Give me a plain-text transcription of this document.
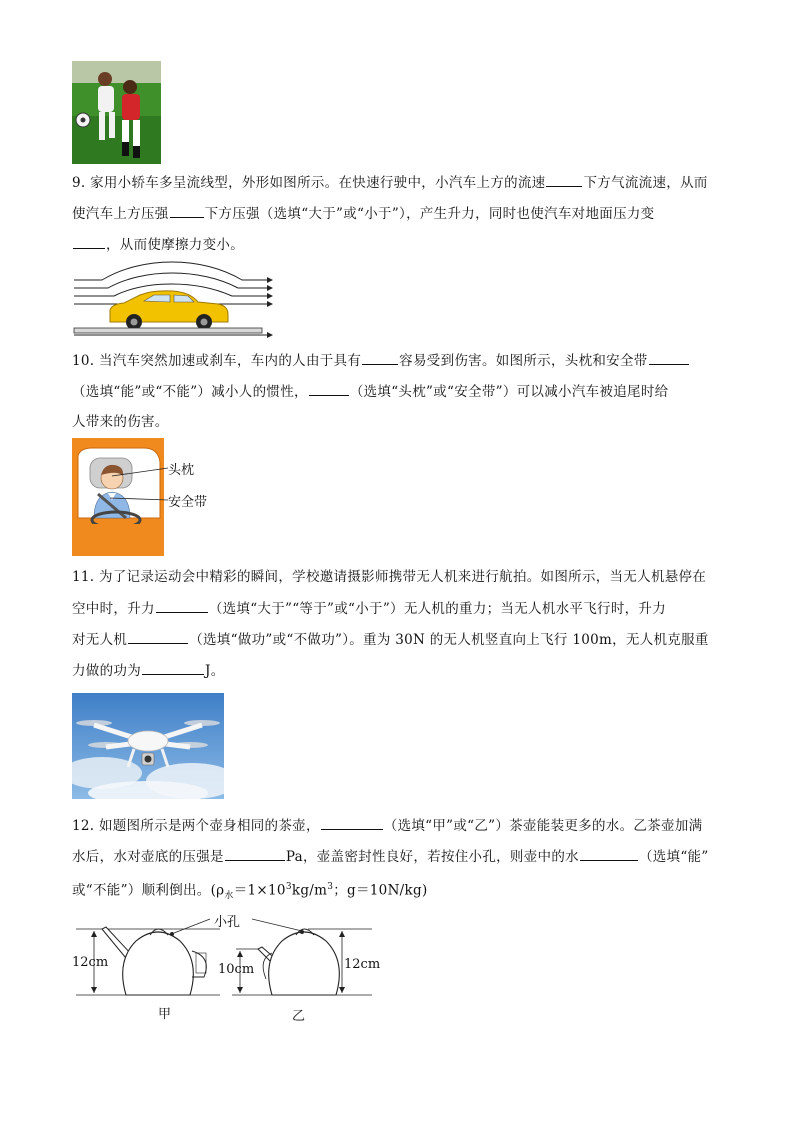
9. 家用小轿车多呈流线型，外形如图所示。在快速行驶中，小汽车上方的流速	下方气流流速，从而
使汽车上方压强	下方压强（选填“大于”或“小于”），产生升力，同时也使汽车对地面压力变
，从而使摩擦力变小。
10. 当汽车突然加速或刹车，车内的人由于具有	容易受到伤害。如图所示，头枕和安全带
（选填“能”或“不能”）减小人的惯性，	（选填“头枕”或“安全带”）可以减小汽车被追尾时给
人带来的伤害。
头枕
安全带
11. 为了记录运动会中精彩的瞬间，学校邀请摄影师携带无人机来进行航拍。如图所示，当无人机悬停在
空中时，升力	（选填“大于”“等于”或“小于”）无人机的重力；当无人机水平飞行时，升力
对无人机	（选填“做功”或“不做功”）。重为 30N 的无人机竖直向上飞行 100m，无人机克服重
力做的功为	J。
12. 如题图所示是两个壶身相同的茶壶，	（选填“甲”或“乙”）茶壶能装更多的水。乙茶壶加满
水后，水对壶底的压强是	Pa，壶盖密封性良好，若按住小孔，则壶中的水	（选填“能”
或“不能”）顺利倒出。($\rho_水=1\times 10^3kg/m^3$；g＝10N/kg)
小孔
12cm	10cm	12cm
甲	乙
